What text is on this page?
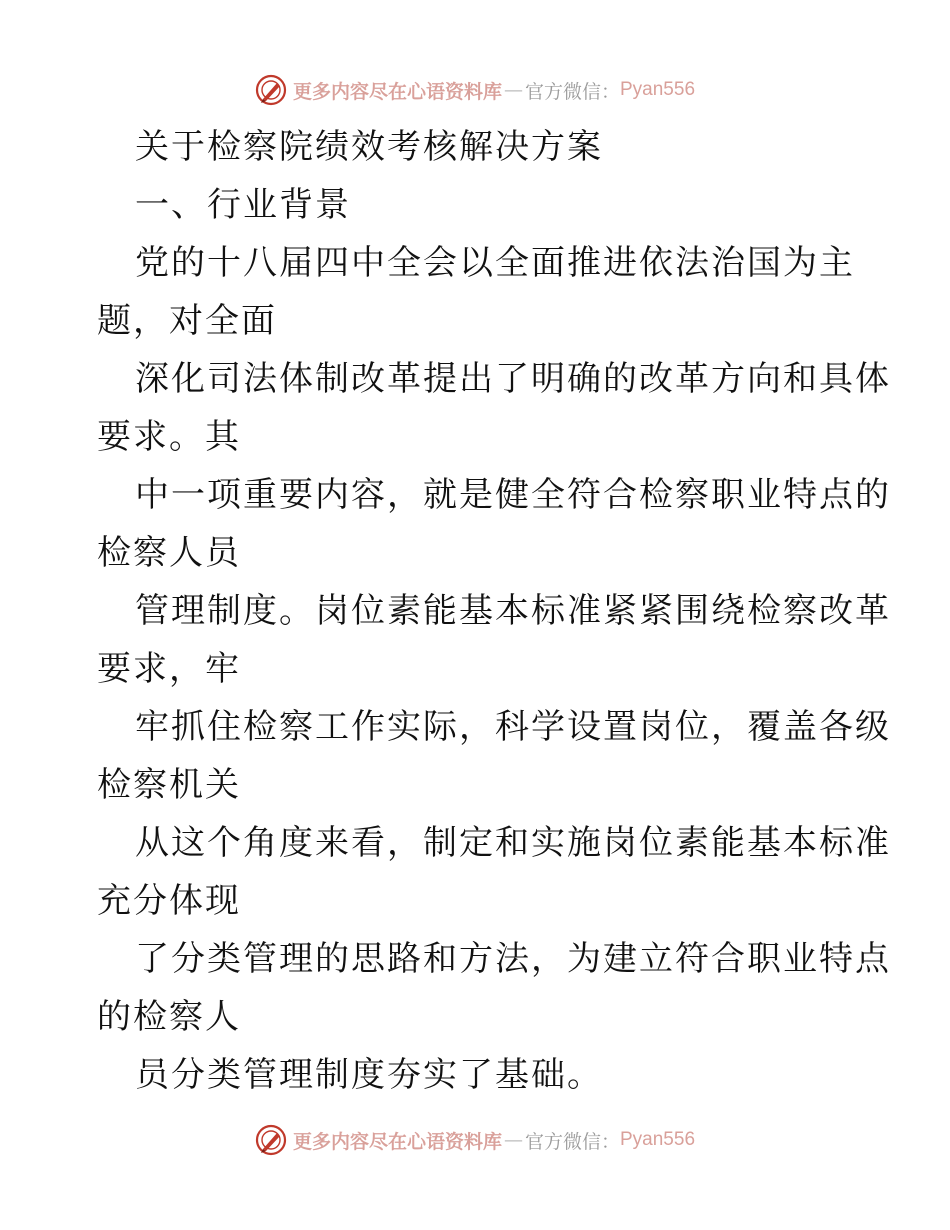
更多内容尽在心语资料库 — 官方微信： Pyan556
关于检察院绩效考核解决方案
一、行业背景
党的十八届四中全会以全面推进依法治国为主
题，对全面
深化司法体制改革提出了明确的改革方向和具体
要求。其
中一项重要内容，就是健全符合检察职业特点的
检察人员
管理制度。岗位素能基本标准紧紧围绕检察改革
要求，牢
牢抓住检察工作实际，科学设置岗位，覆盖各级
检察机关
从这个角度来看，制定和实施岗位素能基本标准
充分体现
了分类管理的思路和方法，为建立符合职业特点
的检察人
员分类管理制度夯实了基础。
更多内容尽在心语资料库 — 官方微信： Pyan556
